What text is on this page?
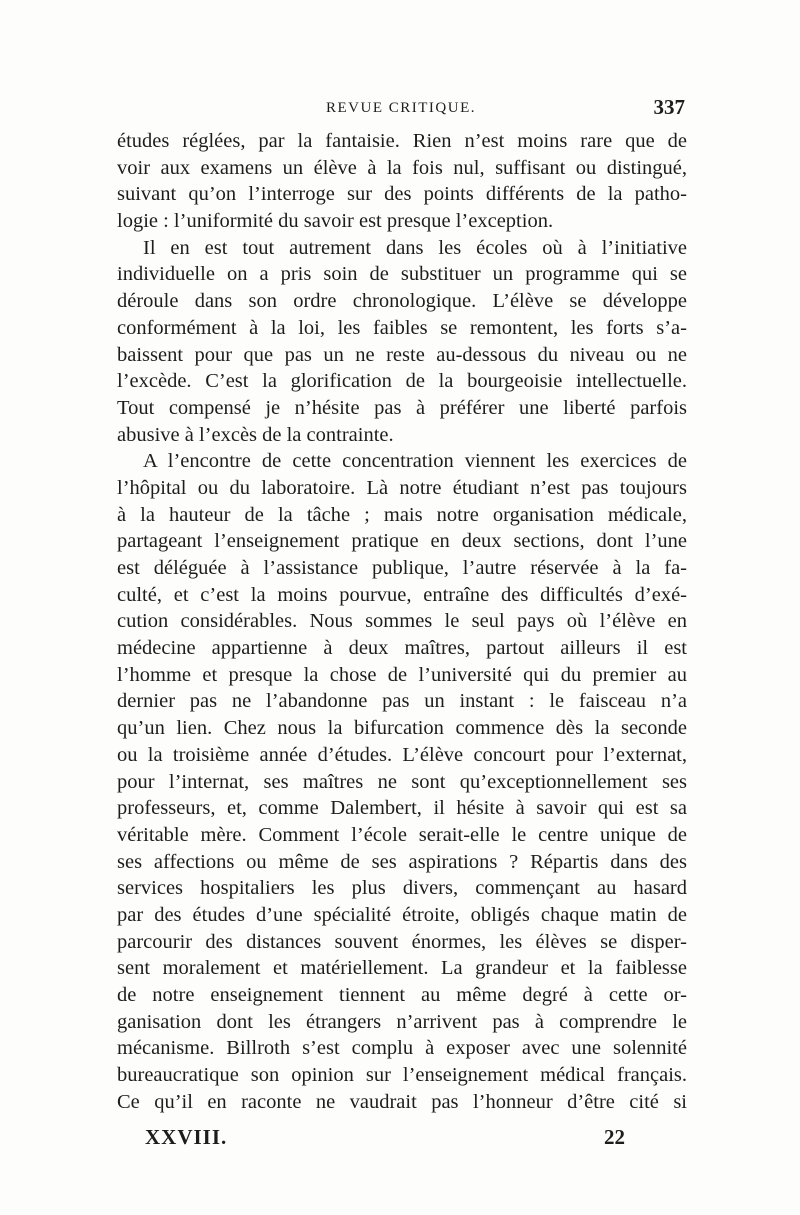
REVUE CRITIQUE.	337
études réglées, par la fantaisie. Rien n’est moins rare que de
voir aux examens un élève à la fois nul, suffisant ou distingué,
suivant qu’on l’interroge sur des points différents de la patho-
logie : l’uniformité du savoir est presque l’exception.
Il en est tout autrement dans les écoles où à l’initiative
individuelle on a pris soin de substituer un programme qui se
déroule dans son ordre chronologique. L’élève se développe
conformément à la loi, les faibles se remontent, les forts s’a-
baissent pour que pas un ne reste au-dessous du niveau ou ne
l’excède. C’est la glorification de la bourgeoisie intellectuelle.
Tout compensé je n’hésite pas à préférer une liberté parfois
abusive à l’excès de la contrainte.
A l’encontre de cette concentration viennent les exercices de
l’hôpital ou du laboratoire. Là notre étudiant n’est pas toujours
à la hauteur de la tâche ; mais notre organisation médicale,
partageant l’enseignement pratique en deux sections, dont l’une
est déléguée à l’assistance publique, l’autre réservée à la fa-
culté, et c’est la moins pourvue, entraîne des difficultés d’exé-
cution considérables. Nous sommes le seul pays où l’élève en
médecine appartienne à deux maîtres, partout ailleurs il est
l’homme et presque la chose de l’université qui du premier au
dernier pas ne l’abandonne pas un instant : le faisceau n’a
qu’un lien. Chez nous la bifurcation commence dès la seconde
ou la troisième année d’études. L’élève concourt pour l’externat,
pour l’internat, ses maîtres ne sont qu’exceptionnellement ses
professeurs, et, comme Dalembert, il hésite à savoir qui est sa
véritable mère. Comment l’école serait-elle le centre unique de
ses affections ou même de ses aspirations ? Répartis dans des
services hospitaliers les plus divers, commençant au hasard
par des études d’une spécialité étroite, obligés chaque matin de
parcourir des distances souvent énormes, les élèves se disper-
sent moralement et matériellement. La grandeur et la faiblesse
de notre enseignement tiennent au même degré à cette or-
ganisation dont les étrangers n’arrivent pas à comprendre le
mécanisme. Billroth s’est complu à exposer avec une solennité
bureaucratique son opinion sur l’enseignement médical français.
Ce qu’il en raconte ne vaudrait pas l’honneur d’être cité si
XXVIII.	22
